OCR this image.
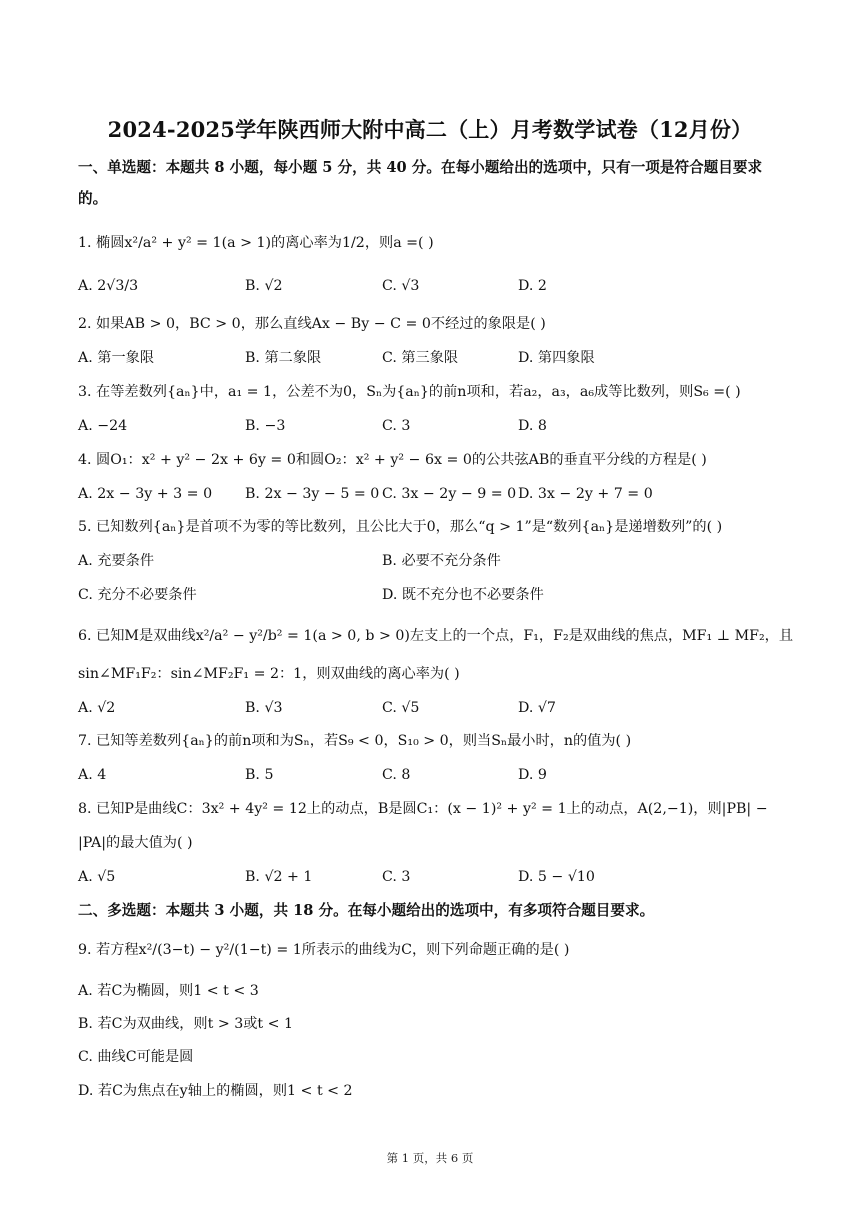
2024-2025学年陕西师大附中高二（上）月考数学试卷（12月份）
一、单选题：本题共 8 小题，每小题 5 分，共 40 分。在每小题给出的选项中，只有一项是符合题目要求
的。
1. 椭圆x²/a² + y² = 1(a > 1)的离心率为1/2，则a =( )
A. 2√3/3	B. √2	C. √3	D. 2
2. 如果AB > 0，BC > 0，那么直线Ax − By − C = 0不经过的象限是( )
A. 第一象限	B. 第二象限	C. 第三象限	D. 第四象限
3. 在等差数列{aₙ}中，a₁ = 1，公差不为0，Sₙ为{aₙ}的前n项和，若a₂，a₃，a₆成等比数列，则S₆ =( )
A. −24	B. −3	C. 3	D. 8
4. 圆O₁：x² + y² − 2x + 6y = 0和圆O₂：x² + y² − 6x = 0的公共弦AB的垂直平分线的方程是( )
A. 2x − 3y + 3 = 0 B. 2x − 3y − 5 = 0 C. 3x − 2y − 9 = 0 D. 3x − 2y + 7 = 0
5. 已知数列{aₙ}是首项不为零的等比数列，且公比大于0，那么“q > 1”是“数列{aₙ}是递增数列”的( )
A. 充要条件	B. 必要不充分条件
C. 充分不必要条件	D. 既不充分也不必要条件
6. 已知M是双曲线x²/a² − y²/b² = 1(a > 0, b > 0)左支上的一个点，F₁，F₂是双曲线的焦点，MF₁ ⊥ MF₂，且
sin∠MF₁F₂：sin∠MF₂F₁ = 2：1，则双曲线的离心率为( )
A. √2	B. √3	C. √5	D. √7
7. 已知等差数列{aₙ}的前n项和为Sₙ，若S₉ < 0，S₁₀ > 0，则当Sₙ最小时，n的值为( )
A. 4	B. 5	C. 8	D. 9
8. 已知P是曲线C：3x² + 4y² = 12上的动点，B是圆C₁：(x − 1)² + y² = 1上的动点，A(2,−1)，则|PB| −
|PA|的最大值为( )
A. √5	B. √2 + 1	C. 3	D. 5 − √10
二、多选题：本题共 3 小题，共 18 分。在每小题给出的选项中，有多项符合题目要求。
9. 若方程x²/(3−t) − y²/(1−t) = 1所表示的曲线为C，则下列命题正确的是( )
A. 若C为椭圆，则1 < t < 3
B. 若C为双曲线，则t > 3或t < 1
C. 曲线C可能是圆
D. 若C为焦点在y轴上的椭圆，则1 < t < 2
第 1 页，共 6 页
